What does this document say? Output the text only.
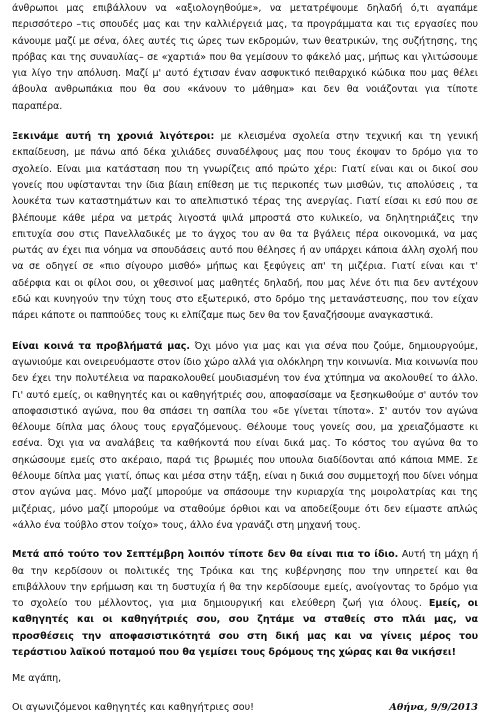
άνθρωποι μας επιβάλλουν να «αξιολογηθούμε», να μετατρέψουμε δηλαδή ό,τι αγαπάμε περισσότερο –τις σπουδές μας και την καλλιέργειά μας, τα προγράμματα και τις εργασίες που κάνουμε μαζί με σένα, όλες αυτές τις ώρες των εκδρομών, των θεατρικών, της συζήτησης, της πρόβας και της συναυλίας– σε «χαρτιά» που θα γεμίσουν το φάκελό μας, μήπως και γλιτώσουμε για λίγο την απόλυση. Μαζί μ' αυτό έχτισαν έναν ασφυκτικό πειθαρχικό κώδικα που μας θέλει άβουλα ανθρωπάκια που θα σου «κάνουν το μάθημα» και δεν θα νοιάζονται για τίποτε παραπέρα.

Ξεκινάμε αυτή τη χρονιά λιγότεροι: με κλεισμένα σχολεία στην τεχνική και τη γενική εκπαίδευση, με πάνω από δέκα χιλιάδες συναδέλφους μας που τους έκοψαν το δρόμο για το σχολείο. Είναι μια κατάσταση που τη γνωρίζεις από πρώτο χέρι: Γιατί είναι και οι δικοί σου γονείς που υφίστανται την ίδια βίαιη επίθεση με τις περικοπές των μισθών, τις απολύσεις , τα λουκέτα των καταστημάτων και το απελπιστικό τέρας της ανεργίας. Γιατί είσαι κι εσύ που σε βλέπουμε κάθε μέρα να μετράς λιγοστά ψιλά μπροστά στο κυλικείο, να δηλητηριάζεις την επιτυχία σου στις Πανελλαδικές με το άγχος του αν θα τα βγάλεις πέρα οικονομικά, να μας ρωτάς αν έχει πια νόημα να σπουδάσεις αυτό που θέλησες ή αν υπάρχει κάποια άλλη σχολή που να σε οδηγεί σε «πιο σίγουρο μισθό» μήπως και ξεφύγεις απ' τη μιζέρια. Γιατί είναι και τ' αδέρφια και οι φίλοι σου, οι χθεσινοί μας μαθητές δηλαδή, που μας λένε ότι πια δεν αντέχουν εδώ και κυνηγούν την τύχη τους στο εξωτερικό, στο δρόμο της μετανάστευσης, που τον είχαν πάρει κάποτε οι παππούδες τους κι ελπίζαμε πως δεν θα τον ξαναζήσουμε αναγκαστικά.

Είναι κοινά τα προβλήματά μας. Όχι μόνο για μας και για σένα που ζούμε, δημιουργούμε, αγωνιούμε και ονειρευόμαστε στον ίδιο χώρο αλλά για ολόκληρη την κοινωνία. Μια κοινωνία που δεν έχει την πολυτέλεια να παρακολουθεί μουδιασμένη τον ένα χτύπημα να ακολουθεί το άλλο. Γι' αυτό εμείς, οι καθηγητές και οι καθηγήτριές σου, αποφασίσαμε να ξεσηκωθούμε σ' αυτόν τον αποφασιστικό αγώνα, που θα σπάσει τη σαπίλα του «δε γίνεται τίποτα». Σ' αυτόν τον αγώνα θέλουμε δίπλα μας όλους τους εργαζόμενους. Θέλουμε τους γονείς σου, μα χρειαζόμαστε κι εσένα. Όχι για να αναλάβεις τα καθήκοντά που είναι δικά μας. Το κόστος του αγώνα θα το σηκώσουμε εμείς στο ακέραιο, παρά τις βρωμιές που υπoυλα διαδίδονται από κάποια ΜΜΕ. Σε θέλουμε δίπλα μας γιατί, όπως και μέσα στην τάξη, είναι η δικιά σου συμμετοχή που δίνει νόημα στον αγώνα μας. Μόνο μαζί μπορούμε να σπάσουμε την κυριαρχία της μοιρολατρίας και της μιζέριας, μόνο μαζί μπορούμε να σταθούμε όρθιοι και να αποδείξουμε ότι δεν είμαστε απλώς «άλλο ένα τούβλο στον τοίχο» τους, άλλο ένα γρανάζι στη μηχανή τους.

Μετά από τούτο τον Σεπτέμβρη λοιπόν τίποτε δεν θα είναι πια το ίδιο. Αυτή τη μάχη ή θα την κερδίσουν οι πολιτικές της Τρόικα και της κυβέρνησης που την υπηρετεί και θα επιβάλλουν την ερήμωση και τη δυστυχία ή θα την κερδίσουμε εμείς, ανοίγοντας το δρόμο για το σχολείο του μέλλοντος, για μια δημιουργική και ελεύθερη ζωή για όλους. Εμείς, οι καθηγητές και οι καθηγήτριές σου, σου ζητάμε να σταθείς στο πλάι μας, να προσθέσεις την αποφασιστικότητά σου στη δική μας και να γίνεις μέρος του τεράστιου λαϊκού ποταμού που θα γεμίσει τους δρόμους της χώρας και θα νικήσει!

Με αγάπη,

Οι αγωνιζόμενοι καθηγητές και καθηγήτριες σου!	Αθήνα, 9/9/2013
